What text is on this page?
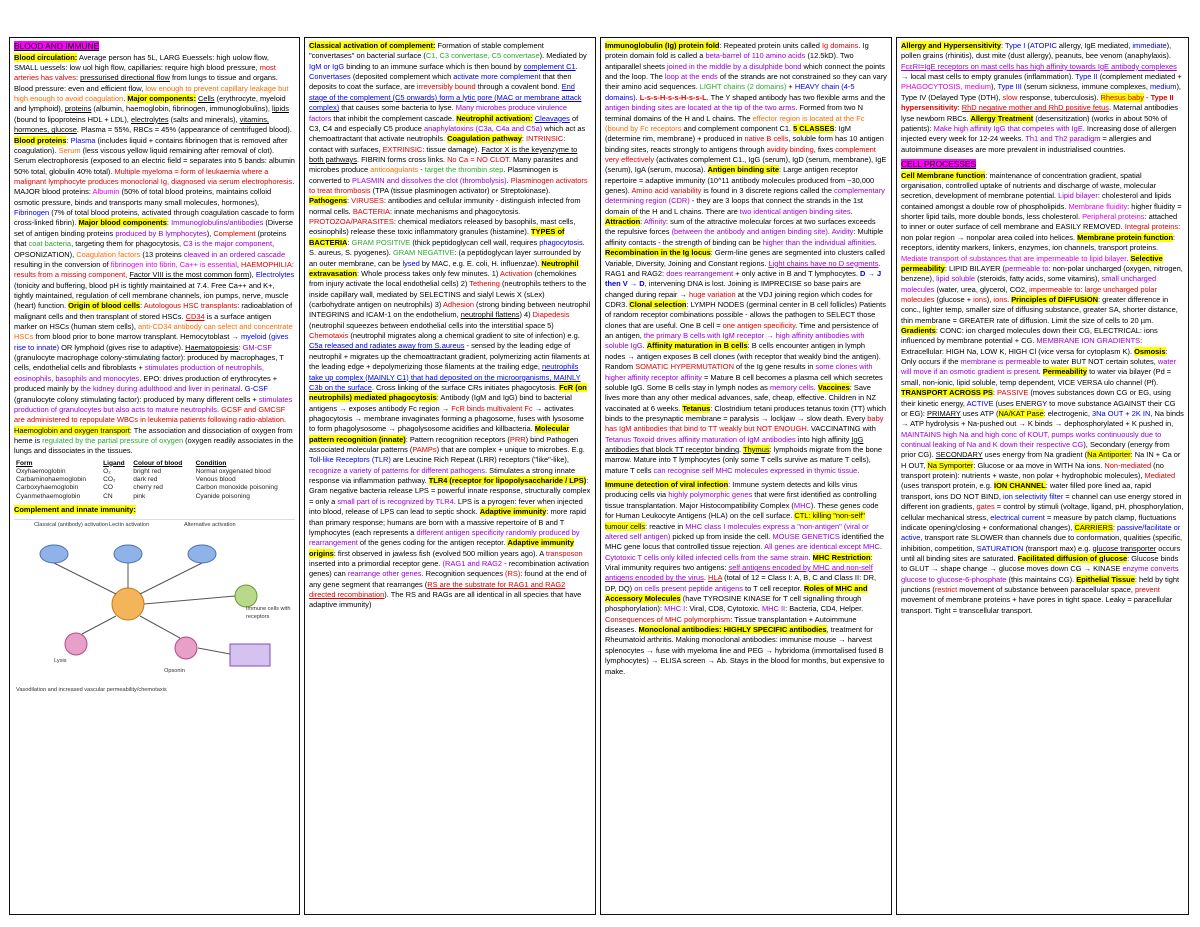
BLOOD AND IMMUNE
Blood circulation: Average person has 5L, LARG Euessels: high uolow flow, SMALL uessels: low uol high flow, capillaries: require high blood pressure, most arteries has valves: pressurised directional flow from lungs to tissue and organs. Blood pressure: even and efficient flow, low enough to prevent capillary leakage but high enough to avoid coagulation. Major components: Cells (erythrocyte, myeloid and lymphoid), proteins (albumin, haemoglobin, fibrinogen, immunoglobulins), lipids (bound to lipoproteins HDL + LDL), electrolytes (salts and minerals), vitamins, hormones, glucose. Plasma = 55%, RBCs = 45% (appearance of centrifuged blood). Blood proteins: Plasma (includes liquid + contains fibrinogen that is removed after coagulation). Serum (less viscous yellow liquid remaining after removal of clot). Serum electrophoresis (exposed to an electric field = separates into 5 bands: albumin 50% total, globulin 40% total). Multiple myeloma = form of leukaemia where a malignant lymphocyte produces monoclonal Ig, diagnosed via serum electrophoresis. MAJOR blood proteins: Albumin (50% of total blood proteins, maintains colloid osmotic pressure, binds and transports many small molecules, hormones), Fibrinogen (7% of total blood proteins, activated through coagulation cascade to form cross-linked fibrin). Major blood components: Immunoglobulins/antibodies (Diverse set of antigen binding proteins produced by B lymphocytes), Complement (proteins that coat bacteria, targeting them for phagocytosis, C3 is the major component, OPSONIZATION), Coagulation factors (13 proteins cleaved in an ordered cascade resulting in the conversion of fibrinogen into fibrin, Ca++ is essential, HAEMOPHILIA: results from a missing component, Factor VIII is the most common form), Electrolytes (tonicity and buffering, blood pH is tightly maintained at 7.4. Free Ca++ and K+, tightly maintained, regulation of cell membrane channels, ion pumps, nerve, muscle (heart) function. Origin of blood cells: Autologous HSC transplants: radioablation of malignant cells and then transplant of stored HSCs. CD34 is a surface antigen marker on HSCs (human stem cells), anti-CD34 antibody can select and concentrate HSCs from blood prior to bone marrow transplant. Hemocytoblast → myeloid (gives rise to innate) OR lymphoid (gives rise to adaptive). Haematopoiesis: GM-CSF (granulocyte macrophage colony-stimulating factor): produced by macrophages, T cells, endothelial cells and fibroblasts + stimulates production of neutrophils, eosinophils, basophils and monocytes. EPO: drives production of erythrocytes + produced mainly by the kidney during adulthood and liver in perinatal. G-CSF (granulocyte colony stimulating factor): produced by many different cells + stimulates production of granulocytes but also acts to mature neutrophils. GCSF and GMCSF are administered to repopulate WBCs in leukemia patients following radio-ablation. Haemoglobin and oxygen transport: The association and dissociation of oxygen from heme is regulated by the partial pressure of oxygen (oxygen readily associates in the lungs and dissociates in the tissues.

Form	Ligand	Colour of blood	Condition
Oxyhaemoglobin	O₂	bright red	Normal oxygenated blood
Carbaminohaemoglobin	CO₂	dark red	Venous blood
Carboxyhaemoglobin	CO	cherry red	Carbon monoxide poisoning
Cyanmethaemoglobin	CN	pink	Cyanide poisoning

Complement and innate immunity:

Classical (antibody) activation Lectin activation	Alternative activation
Opsonin
Lysis
Immune cells with receptors
Vasodilation and increased vascular permeability/chemotaxis

Classical activation of complement: Formation of stable complement "convertases" on bacterial surface (C1, C3 convertase, C5 convertase). Mediated by IgM or IgG binding to an immune surface which is then bound by complement C1. Convertases (deposited complement which activate more complement that then deposits to coat the surface, are irreversibly bound through a covalent bond. End stage of the complement (C5 onwards) form a lytic pore (MAC or membrane attack complex) that causes some bacteria to lyse. Many microbes produce virulence factors that inhibit the complement cascade. Neutrophil activation: Cleavages of C3, C4 and especially C5 produce anaphylatoxins (C3a, C4a and C5a) which act as chemoattractant that activate neutrophils. Coagulation pathway: INTRINSIC: contact with surfaces, EXTRINSIC: tissue damage). Factor X is the keyenzyme to both pathways. FIBRIN forms cross links. No Ca = NO CLOT. Many parasites and microbes produce anticoagulants - target the thrombin step. Plasminogen is converted to PLASMIN and dissolves the clot (thrombolysis). Plasminogen activators to treat thrombosis (TPA (tissue plasminogen activator) or Streptokinase). Pathogens: VIRUSES: antibodies and cellular immunity - distinguish infected from normal cells. BACTERIA: innate mechanisms and phagocytosis. PROTOZOA/PARASITES: chemical mediators released by basophils, mast cells, eosinophils) release these toxic inflammatory granules (histamine). TYPES of BACTERIA: GRAM POSITIVE (thick peptidoglycan cell wall, requires phagocytosis. S. aureus, S. pyogenes). GRAM NEGATIVE: (a peptidoglycan layer surrounded by an outer membrane, can be lysed by MAC, e.g. E. coli, H. influenzae). Neutrophil extravasation: Whole process takes only few minutes. 1) Activation (chemokines from injury activate the local endothelial cells) 2) Tethering (neutrophils tethers to the inside capillary wall, mediated by SELECTINS and sialyl Lewis X (sLex) (carbohydrate antigen on neutrophils) 3) Adhesion (strong binding between neutrophil INTEGRINS and ICAM-1 on the endothelium, neutrophil flattens) 4) Diapedesis (neutrophil squeezes between endothelial cells into the interstitial space 5) Chemotaxis (neutrophil migrates along a chemical gradient to site of infection) e.g. C5a released and radiates away from S.aureus - sensed by the leading edge of neutrophil + migrates up the chemoattractant gradient, polymerizing actin filaments at the leading edge + depolymerizing those filaments at the trailing edge, neutrophils take up complex (MAINLY C1) that had deposited on the microorganisms, MAINLY C3b on the surface. Cross linking of the surface CRs initiates phagocytosis. FcR (on neutrophils) mediated phagocytosis: Antibody (IgM and IgG) bind to bacterial antigens → exposes antibody Fc region → FcR binds multivalent Fc → activates phagocytosis → membrane invaginates forming a phagosome, fuses with lysosome to form phagolysosome → phagolysosome acidifies and killbacteria. Molecular pattern recognition (innate): Pattern recognition receptors (PRR) bind Pathogen associated molecular patterns (PAMPs) that are complex + unique to microbes. E.g. Toll-like Receptors (TLR) are Leucine Rich Repeat (LRR) receptors ("like"-like), recognize a variety of patterns for different pathogens. Stimulates a strong innate response via inflammation pathway. TLR4 (receptor for lipopolysaccharide / LPS): Gram negative bacteria release LPS = powerful innate response, structurally complex = only a small part of is recognized by TLR4. LPS is a pyrogen: fever when injected into blood, release of LPS can lead to septic shock. Adaptive immunity: more rapid than primary response; humans are born with a massive repertoire of B and T lymphocytes (each represents a different antigen specificity randomly produced by rearrangement of the genes coding for the antigen receptor. Adaptive immunity origins: first observed in jawless fish (evolved 500 million years ago). A transposon inserted into a primordial receptor gene. (RAG1 and RAG2 - recombination activation genes) can rearrange other genes. Recognition sequences (RS): found at the end of any gene segment that rearranges (RS are the substrate for RAG1 and RAG2 directed recombination). The RS and RAGs are all identical in all species that have adaptive immunity)

Immunoglobulin (Ig) protein fold: Repeated protein units called Ig domains. Ig protein domain fold is called a beta-barrel of 110 amino acids (12.5kD). Two antiparallel sheets joined in the middle by a disulphide bond which connect the points and the loop. The loop at the ends of the strands are not constrained so they can vary their amino acid sequences. LIGHT chains (2 domains) + HEAVY chain (4-5 domains). L-s-s-H-s-s-H-s-s-L. The Y shaped antibody has two flexible arms and the antigen binding sites are located at the tip of the two arms. Formed from two N terminal domains of the H and L chains. The effector region is located at the Fc (bound by Fc receptors and complement component C1. 5 CLASSES: IgM (determine rim, membrane) + produced in native B cells, soluble form has 10 antigen binding sites, reacts strongly to antigens through avidity binding, fixes complement very effectively (activates complement C1., IgG (serum), IgD (serum, membrane), IgE (serum), IgA (serum, mucosa). Antigen binding site: Large antigen receptor repertoire = adaptive immunity (10^11 antibody molecules produced from ~30,000 genes). Amino acid variability is found in 3 discrete regions called the complementary determining region (CDR) - they are 3 loops that connect the strands in the 1st domain of the H and L chains. There are two identical antigen binding sites. Attraction: Affinity: sum of the attractive molecular forces at two surfaces exceeds the repulsive forces (between the antibody and antigen binding site). Avidity: Multiple affinity contacts - the strength of binding can be higher than the individual affinities. Recombination in the Ig locus: Germ-line genes are segmented into clusters called Variable, Diversity, Joining and Constant regions. Light chains have no D segments. RAG1 and RAG2: does rearrangement + only active in B and T lymphocytes. D → J then V → D, intervening DNA is lost. Joining is IMPRECISE so base pairs are changed during repair → huge variation at the VDJ joining region which codes for CDR3. Clonal selection: LYMPH NODES (germinal center in B cell follicles) Patients of random receptor combinations possible - allows the pathogen to SELECT those clones that are useful. One B cell = one antigen specificity. Time and persistence of an antigen, the primary B cells with IgM receptor → high affinity antibodies with soluble IgG. Affinity maturation in B cells: B cells encounter antigen in lymph nodes → antigen exposes B cell clones (with receptor that weakly bind the antigen). Random SOMATIC HYPERMUTATION of the Ig gene results in some clones with higher affinity receptor affinity = Mature B cell becomes a plasma cell which secretes soluble IgG. Some B cells stay in lymph nodes as memory cells. Vaccines: Save lives more than any other medical advances, safe, cheap, effective. Children in NZ vaccinated at 6 weeks. Tetanus: Clostridium tetani produces tetanus toxin (TT) which binds to the presynaptic membrane = paralysis → lockjaw → slow death. Every baby has IgM antibodies that bind to TT weakly but NOT ENOUGH. VACCINATING with Tetanus Toxoid drives affinity maturation of IgM antibodies into high affinity IgG antibodies that block TT receptor binding. Thymus: lymphoids migrate from the bone marrow. Mature into T lymphocytes (only some T cells survive as mature T cells), mature T cells can recognise self MHC molecules expressed in thymic tissue.

Immune detection of viral infection: Immune system detects and kills virus producing cells via highly polymorphic genes that were first identified as controlling tissue transplantation. Major Histocompatibility Complex (MHC). These genes code for Human Leukocyte Antigens (HLA) on the cell surface. CTL: killing "non-self" tumour cells: reactive in MHC class I molecules express a "non-antigen" (viral or altered self antigen) picked up from inside the cell. MOUSE GENETICS identified the MHC gene locus that controlled tissue rejection. All genes are identical except MHC. Cytotoxic T cells only killed infected cells from the same strain. MHC Restriction: Viral immunity requires two antigens: self antigens encoded by MHC and non-self antigens encoded by the virus. HLA (total of 12 = Class I: A, B, C and Class II: DR, DP, DQ) on cells present peptide antigens to T cell receptor. Roles of MHC and Accessory Molecules (have TYROSINE KINASE for T cell signalling through phosphorylation): MHC I: Viral, CD8, Cytotoxic. MHC II: Bacteria, CD4, Helper. Consequences of MHC polymorphism: Tissue transplantation + Autoimmune diseases. Monoclonal antibodies: HIGHLY SPECIFIC antibodies, treatment for Rheumatoid arthritis. Making monoclonal antibodies: immunise mouse → harvest splenocytes → fuse with myeloma line and PEG → hybridoma (immortalised fused B lymphocytes) → ELISA screen → Ab. Stays in the blood for months, but expensive to make.

Allergy and Hypersensitivity: Type I (ATOPIC allergy, IgE mediated, immediate), pollen grains (rhinitis), dust mite (dust allergy), peanuts, bee venom (anaphylaxis). FcεRI=IgE receptors on mast cells has high affinity towards IgE antibody complexes → local mast cells to empty granules (inflammation). Type II (complement mediated + PHAGOCYTOSIS, medium), Type III (serum sickness, immune complexes, medium), Type IV (Delayed Type (DTH), slow response, tuberculosis). Rhesus baby - Type II hypersensitivity: RhD negative mother and RhD positive fetus. Maternal antibodies lyse newborn RBCs. Allergy Treatment (desensitization) (works in about 50% of patients): Make high affinity IgG that competes with IgE. Increasing dose of allergen injected every week for 12-24 weeks. Th1 and Th2 paradigm = allergies and autoimmune diseases are more prevalent in industrialised countries.

CELL PROCESSES
Cell Membrane function: maintenance of concentration gradient, spatial organisation, controlled uptake of nutrients and discharge of waste, molecular secretion, development of membrane potential. Lipid bilayer: cholesterol and lipids contained amongst a double row of phospholipids. Membrane fluidity: higher fluidity = shorter lipid tails, more double bonds, less cholesterol. Peripheral proteins: attached to inner or outer surface of cell membrane and EASILY REMOVED. Integral proteins: non polar region → nonpolar area coiled into helices. Membrane protein function: receptors, identity markers, linkers, enzymes, ion channels, transport proteins. Mediate transport of substances that are impermeable to lipid bilayer. Selective permeability: LIPID BILAYER (permeable to: non-polar uncharged (oxygen, nitrogen, benzene), lipid soluble (steroids, fatty acids, some vitamins), small uncharged molecules (water, urea, glycerol, CO2, impermeable to: large uncharged polar molecules (glucose + ions), ions. Principles of DIFFUSION: greater difference in conc., lighter temp, smaller size of diffusing substance, greater SA, shorter distance, thin membrane = GREATER rate of diffusion. Limit the size of cells to 20 µm. Gradients: CONC: ion charged molecules down their CG, ELECTRICAL: ions influenced by membrane potential + CG. MEMBRANE ION GRADIENTS: Extracellular: HIGH Na, LOW K, HIGH Cl (vice versa for cytoplasm K). Osmosis: Only occurs if the membrane is permeable to water BUT NOT certain solutes, water will move if an osmotic gradient is present. Permeability to water via bilayer (Pd = small, non-ionic, lipid soluble, temp dependent, VICE VERSA ulo channel (Pf). TRANSPORT ACROSS PS: PASSIVE (moves substances down CG or EG, using their kinetic energy, ACTIVE (uses ENERGY to move substance AGAINST their CG or EG): PRIMARY uses ATP (NA/KAT Pase: electrogenic, 3Na OUT + 2K IN, Na binds → ATP hydrolysis + Na-pushed out → K binds → dephosphorylated + K pushed in, MAINTAINS high Na and high conc of KOUT, pumps works continuously due to continual leaking of Na and K down their respective CG), Secondary (energy from prior CG). SECONDARY uses energy from Na gradient (Na Antiporter: Na IN + Ca or H OUT, Na Symporter: Glucose or aa move in WITH Na ions. Non-mediated (no transport protein): nutrients + waste, non polar + hydrophobic molecules), Mediated (uses transport protein, e.g. ION CHANNEL: water filled pore lined aa, rapid transport, ions DO NOT BIND, ion selectivity filter = channel can use energy stored in different ion gradients, gates = control by stimuli (voltage, ligand, pH, phosphorylation, cellular mechanical stress, electrical current = measure by patch clamp, fluctuations indicate opening/closing + conformational changes), CARRIERS: passive/facilitate or active, transport rate SLOWER than channels due to conformation, qualities (specific, inhibition, competition, SATURATION (transport max) e.g. glucose transporter occurs until all binding sites are saturated. Facilitated diffusion of glucose: Glucose binds to GLUT → shape change → glucose moves down CG → KINASE enzyme converts glucose to glucose-6-phosphate (this maintains CG). Epithelial Tissue: held by tight junctions (restrict movement of substance between paracellular space, prevent movement of membrane proteins + have pores in tight space. Leaky = paracellular transport. Tight = transcellular transport.
